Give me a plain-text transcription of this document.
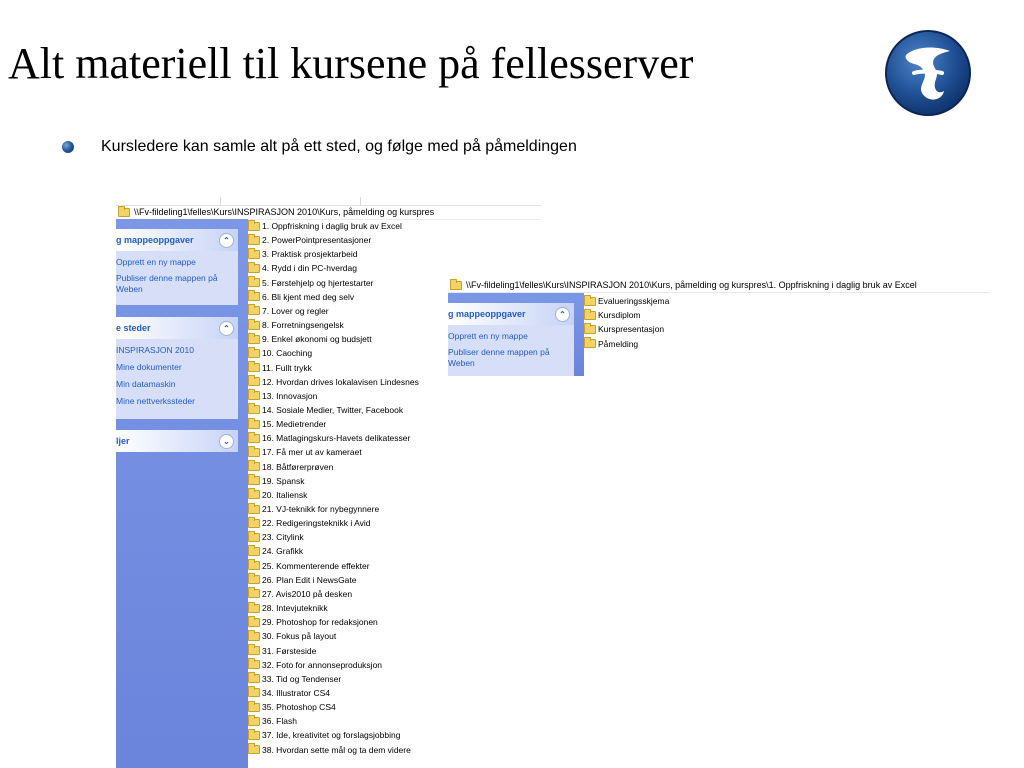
Alt materiell til kursene på fellesserver
Kursledere kan samle alt på ett sted, og følge med på påmeldingen
\\Fv-fildeling1\felles\Kurs\INSPIRASJON 2010\Kurs, påmelding og kurspres
g mappeoppgaver	⌃
Opprett en ny mappe
Publiser denne mappen på Weben
e steder	⌃
INSPIRASJON 2010
Mine dokumenter
Min datamaskin
Mine nettverkssteder
ljer	⌄
1. Oppfriskning i daglig bruk av Excel
2. PowerPointpresentasjoner
3. Praktisk prosjektarbeid
4. Rydd i din PC-hverdag
5. Førstehjelp og hjertestarter
6. Bli kjent med deg selv
7. Lover og regler
8. Forretningsengelsk
9. Enkel økonomi og budsjett
10. Caoching
11. Fullt trykk
12. Hvordan drives lokalavisen Lindesnes
13. Innovasjon
14. Sosiale Medier, Twitter, Facebook
15. Medietrender
16. Matlagingskurs-Havets delikatesser
17. Få mer ut av kameraet
18. Båtførerprøven
19. Spansk
20. Italiensk
21. VJ-teknikk for nybegynnere
22. Redigeringsteknikk i Avid
23. Citylink
24. Grafikk
25. Kommenterende effekter
26. Plan Edit i NewsGate
27. Avis2010 på desken
28. Intevjuteknikk
29. Photoshop for redaksjonen
30. Fokus på layout
31. Førsteside
32. Foto for annonseproduksjon
33. Tid og Tendenser
34. Illustrator CS4
35. Photoshop CS4
36. Flash
37. Ide, kreativitet og forslagsjobbing
38. Hvordan sette mål og ta dem videre
\\Fv-fildeling1\felles\Kurs\INSPIRASJON 2010\Kurs, påmelding og kurspres\1. Oppfriskning i daglig bruk av Excel
g mappeoppgaver	⌃
Opprett en ny mappe
Publiser denne mappen på Weben
Evalueringsskjema
Kursdiplom
Kurspresentasjon
Påmelding
